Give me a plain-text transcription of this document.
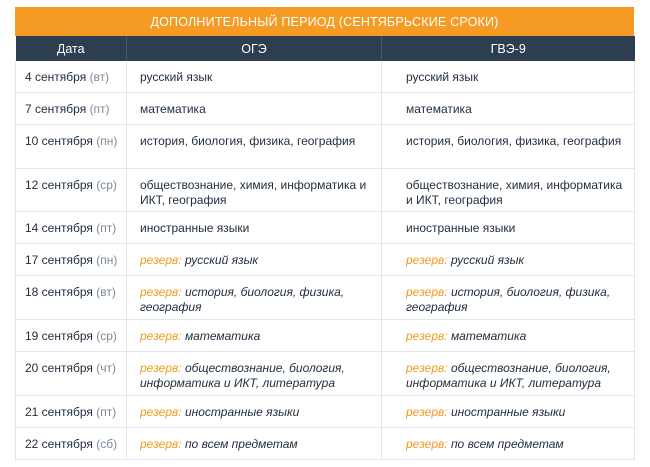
ДОПОЛНИТЕЛЬНЫЙ ПЕРИОД (СЕНТЯБРЬСКИЕ СРОКИ)
Дата	ОГЭ	ГВЭ-9
4 сентября (вт)	русский язык	русский язык
7 сентября (пт)	математика	математика
10 сентября (пн)	история, биология, физика, география	история, биология, физика, география
12 сентября (ср)	обществознание, химия, информатика и ИКТ, география	обществознание, химия, информатика и ИКТ, география
14 сентября (пт)	иностранные языки	иностранные языки
17 сентября (пн)	резерв: русский язык	резерв: русский язык
18 сентября (вт)	резерв: история, биология, физика, география	резерв: история, биология, физика, география
19 сентября (ср)	резерв: математика	резерв: математика
20 сентября (чт)	резерв: обществознание, биология, информатика и ИКТ, литература	резерв: обществознание, биология, информатика и ИКТ, литература
21 сентября (пт)	резерв: иностранные языки	резерв: иностранные языки
22 сентября (сб)	резерв: по всем предметам	резерв: по всем предметам
